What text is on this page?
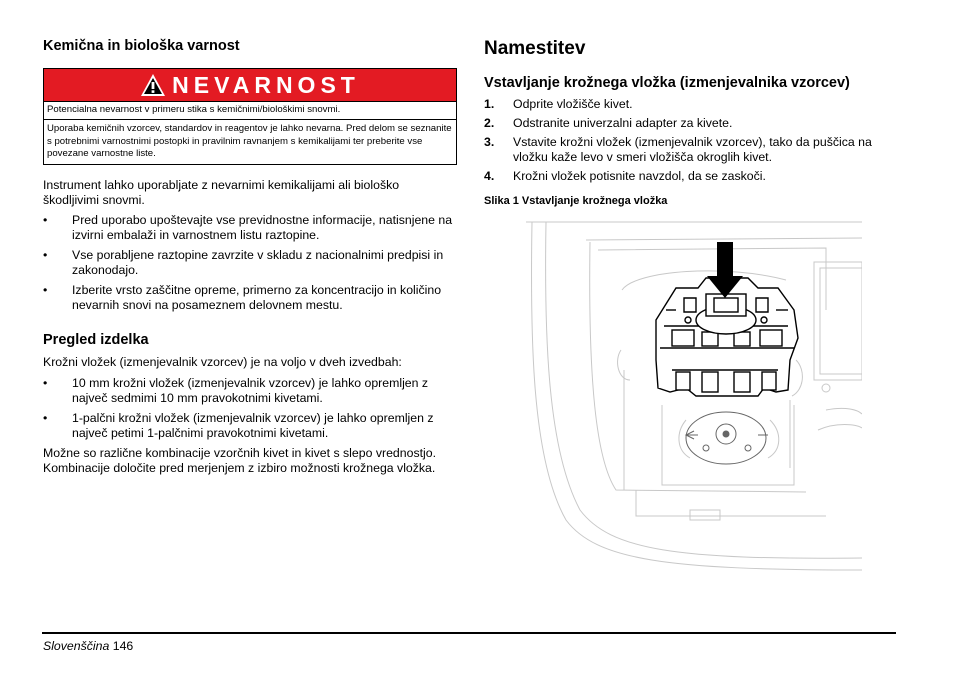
Kemična in biološka varnost
NEVARNOST

Potencialna nevarnost v primeru stika s kemičnimi/biološkimi snovmi.

Uporaba kemičnih vzorcev, standardov in reagentov je lahko nevarna. Pred delom se seznanite s potrebnimi varnostnimi postopki in pravilnim ravnanjem s kemikalijami ter preberite vse povezane varnostne liste.

Instrument lahko uporabljate z nevarnimi kemikalijami ali biološko škodljivimi snovmi.

• Pred uporabo upoštevajte vse previdnostne informacije, natisnjene na izvirni embalaži in varnostnem listu raztopine.
• Vse porabljene raztopine zavrzite v skladu z nacionalnimi predpisi in zakonodajo.
• Izberite vrsto zaščitne opreme, primerno za koncentracijo in količino nevarnih snovi na posameznem delovnem mestu.
Pregled izdelka

Krožni vložek (izmenjevalnik vzorcev) je na voljo v dveh izvedbah:

• 10 mm krožni vložek (izmenjevalnik vzorcev) je lahko opremljen z največ sedmimi 10 mm pravokotnimi kivetami.
• 1-palčni krožni vložek (izmenjevalnik vzorcev) je lahko opremljen z največ petimi 1-palčnimi pravokotnimi kivetami.

Možne so različne kombinacije vzorčnih kivet in kivet s slepo vrednostjo. Kombinacije določite pred merjenjem z izbiro možnosti krožnega vložka.

Namestitev
Vstavljanje krožnega vložka (izmenjevalnika vzorcev)
1. Odprite vložišče kivet.
2. Odstranite univerzalni adapter za kivete.
3. Vstavite krožni vložek (izmenjevalnik vzorcev), tako da puščica na vložku kaže levo v smeri vložišča okroglih kivet.
4. Krožni vložek potisnite navzdol, da se zaskoči.
Slika 1 Vstavljanje krožnega vložka
Slovenščina 146
